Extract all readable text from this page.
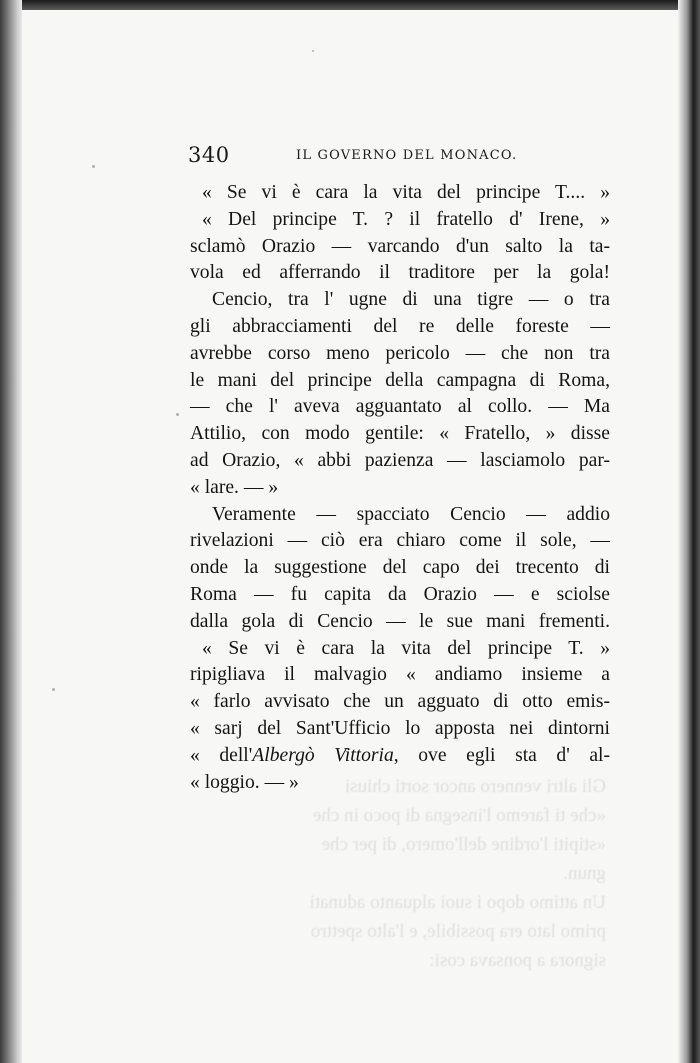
Gli altri vennero ancor sorti chiusi
«che ti faremo l'insegna di poco in che
«stipiti l'ordine dell'omero, di per che
gnun.
Un attimo dopo i suoi alquanto adunati
primo lato era possibile, e l'alto spettro
signora a ponsava cosi:
340	IL GOVERNO DEL MONACO.
« Se vi è cara la vita del principe T.... »
« Del principe T. ? il fratello d' Irene, »
sclamò Orazio — varcando d'un salto la ta-
vola ed afferrando il traditore per la gola!
Cencio, tra l' ugne di una tigre — o tra
gli abbracciamenti del re delle foreste —
avrebbe corso meno pericolo — che non tra
le mani del principe della campagna di Roma,
— che l' aveva agguantato al collo. — Ma
Attilio, con modo gentile: « Fratello, » disse
ad Orazio, « abbi pazienza — lasciamolo par-
« lare. — »
Veramente — spacciato Cencio — addio
rivelazioni — ciò era chiaro come il sole, —
onde la suggestione del capo dei trecento di
Roma — fu capita da Orazio — e sciolse
dalla gola di Cencio — le sue mani frementi.
« Se vi è cara la vita del principe T. »
ripigliava il malvagio « andiamo insieme a
« farlo avvisato che un agguato di otto emis-
« sarj del Sant'Ufficio lo apposta nei dintorni
« dell'Albergò Vittoria, ove egli sta d' al-
« loggio. — »
